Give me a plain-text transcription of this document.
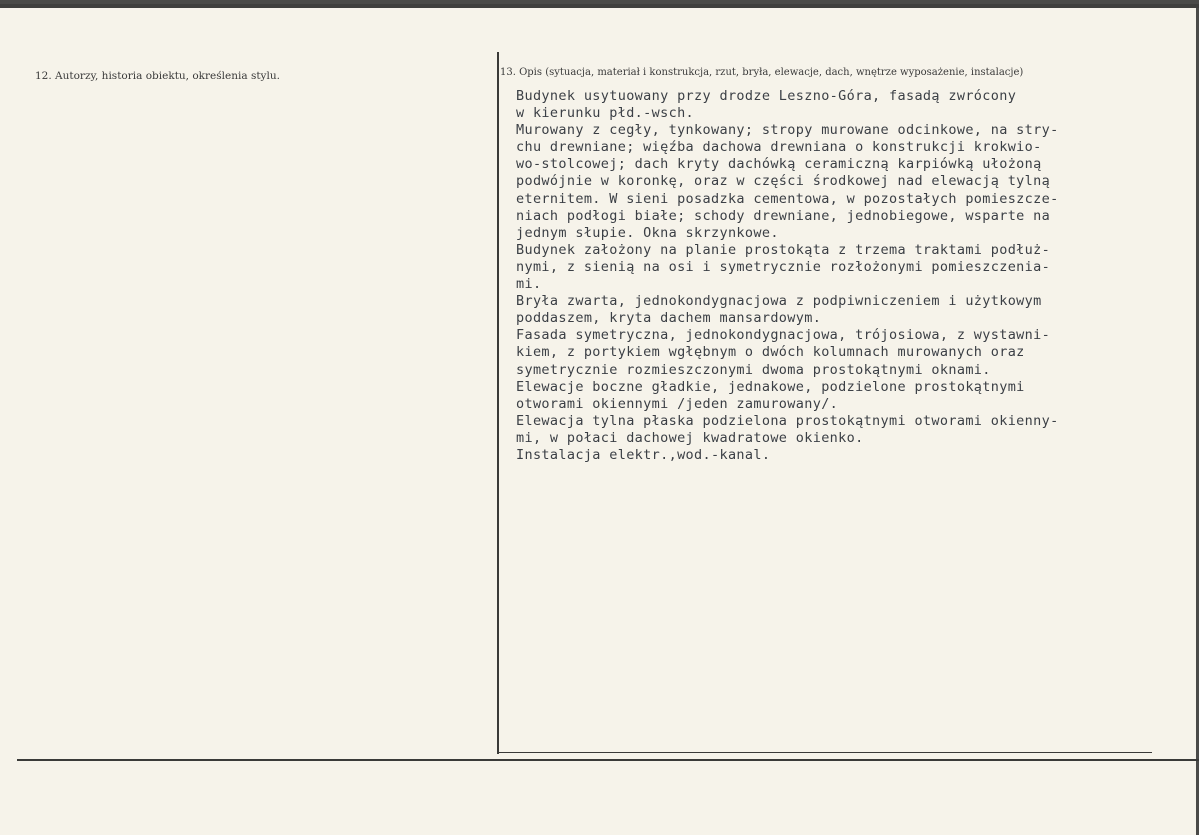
12. Autorzy, historia obiektu, określenia stylu.	13. Opis (sytuacja, materiał i konstrukcja, rzut, bryła, elewacje, dach, wnętrze wyposażenie, instalacje)
Budynek usytuowany przy drodze Leszno-Góra, fasadą zwrócony
w kierunku płd.-wsch.
Murowany z cegły, tynkowany; stropy murowane odcinkowe, na stry-
chu drewniane; więźba dachowa drewniana o konstrukcji krokwio-
wo-stolcowej; dach kryty dachówką ceramiczną karpiówką ułożoną
podwójnie w koronkę, oraz w części środkowej nad elewacją tylną
eternitem. W sieni posadzka cementowa, w pozostałych pomieszcze-
niach podłogi białe; schody drewniane, jednobiegowe, wsparte na
jednym słupie. Okna skrzynkowe.
Budynek założony na planie prostokąta z trzema traktami podłuż-
nymi, z sienią na osi i symetrycznie rozłożonymi pomieszczenia-
mi.
Bryła zwarta, jednokondygnacjowa z podpiwniczeniem i użytkowym
poddaszem, kryta dachem mansardowym.
Fasada symetryczna, jednokondygnacjowa, trójosiowa, z wystawni-
kiem, z portykiem wgłębnym o dwóch kolumnach murowanych oraz
symetrycznie rozmieszczonymi dwoma prostokątnymi oknami.
Elewacje boczne gładkie, jednakowe, podzielone prostokątnymi
otworami okiennymi /jeden zamurowany/.
Elewacja tylna płaska podzielona prostokątnymi otworami okienny-
mi, w połaci dachowej kwadratowe okienko.
Instalacja elektr.,wod.-kanal.
